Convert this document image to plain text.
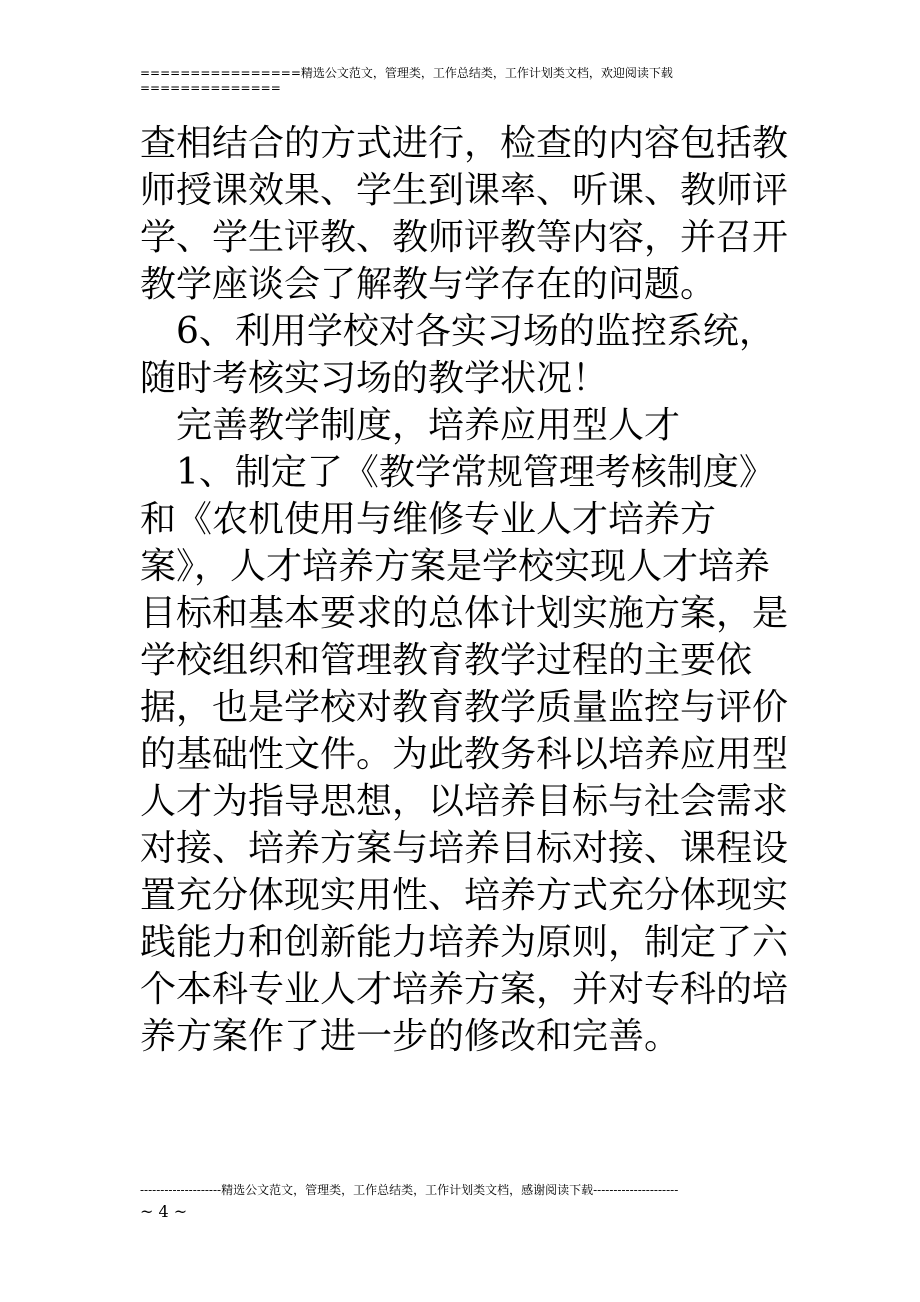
================精选公文范文，管理类，工作总结类，工作计划类文档，欢迎阅读下载
==============

查相结合的方式进行，检查的内容包括教师授课效果、学生到课率、听课、教师评学、学生评教、教师评教等内容，并召开教学座谈会了解教与学存在的问题。

6、利用学校对各实习场的监控系统，随时考核实习场的教学状况！

完善教学制度，培养应用型人才

1、制定了《教学常规管理考核制度》和《农机使用与维修专业人才培养方案》，人才培养方案是学校实现人才培养目标和基本要求的总体计划实施方案，是学校组织和管理教育教学过程的主要依据，也是学校对教育教学质量监控与评价的基础性文件。为此教务科以培养应用型人才为指导思想，以培养目标与社会需求对接、培养方案与培养目标对接、课程设置充分体现实用性、培养方式充分体现实践能力和创新能力培养为原则，制定了六个本科专业人才培养方案，并对专科的培养方案作了进一步的修改和完善。

--------------------精选公文范文，管理类，工作总结类，工作计划类文档，感谢阅读下载---------------------
~ 4 ~
